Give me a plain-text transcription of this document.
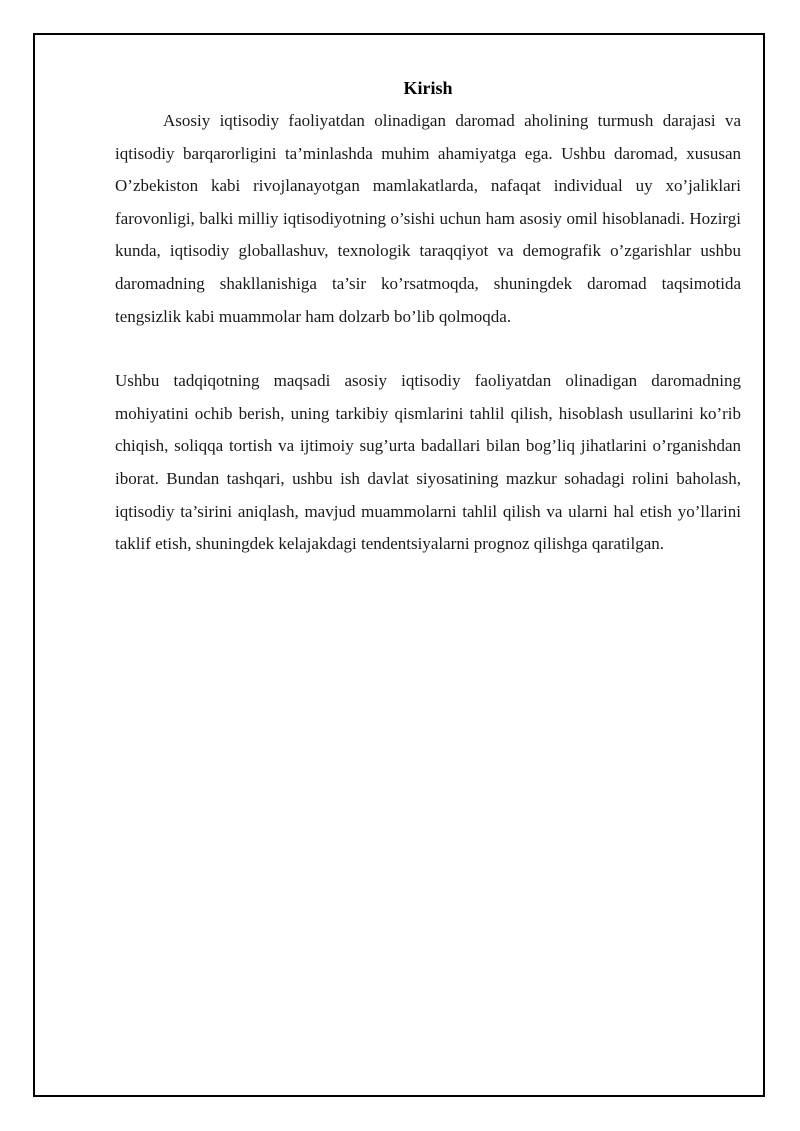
Kirish

Asosiy iqtisodiy faoliyatdan olinadigan daromad aholining turmush darajasi va iqtisodiy barqarorligini ta’minlashda muhim ahamiyatga ega. Ushbu daromad, xususan O’zbekiston kabi rivojlanayotgan mamlakatlarda, nafaqat individual uy xo’jaliklari farovonligi, balki milliy iqtisodiyotning o’sishi uchun ham asosiy omil hisoblanadi. Hozirgi kunda, iqtisodiy globallashuv, texnologik taraqqiyot va demografik o’zgarishlar ushbu daromadning shakllanishiga ta’sir ko’rsatmoqda, shuningdek daromad taqsimotida tengsizlik kabi muammolar ham dolzarb bo’lib qolmoqda.

Ushbu tadqiqotning maqsadi asosiy iqtisodiy faoliyatdan olinadigan daromadning mohiyatini ochib berish, uning tarkibiy qismlarini tahlil qilish, hisoblash usullarini ko’rib chiqish, soliqqa tortish va ijtimoiy sug’urta badallari bilan bog’liq jihatlarini o’rganishdan iborat. Bundan tashqari, ushbu ish davlat siyosatining mazkur sohadagi rolini baholash, iqtisodiy ta’sirini aniqlash, mavjud muammolarni tahlil qilish va ularni hal etish yo’llarini taklif etish, shuningdek kelajakdagi tendentsiyalarni prognoz qilishga qaratilgan.
